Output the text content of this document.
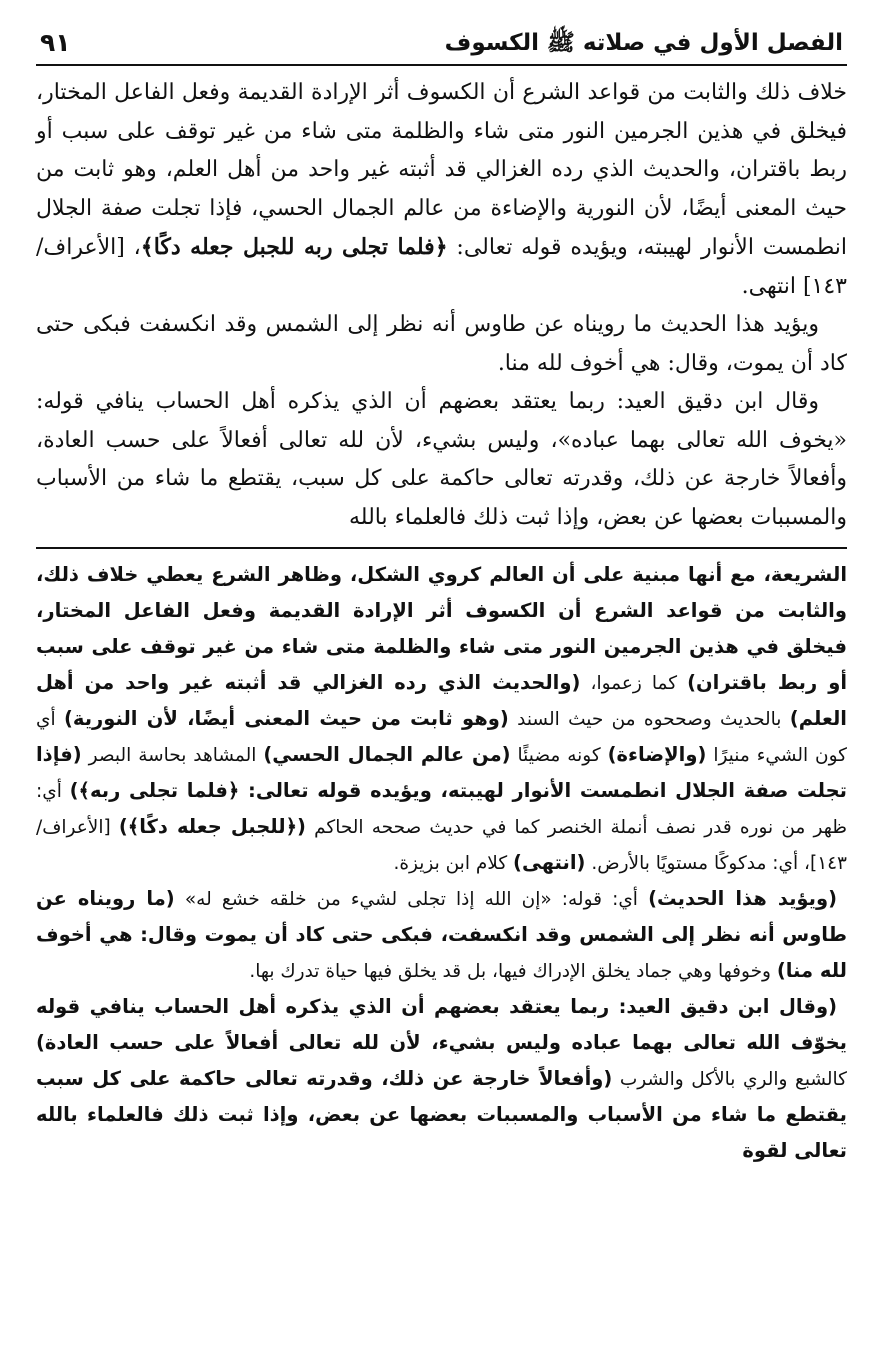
الفصل الأول في صلاته ﷺ الكسوف
٩١

خلاف ذلك والثابت من قواعد الشرع أن الكسوف أثر الإرادة القديمة وفعل الفاعل المختار، فيخلق في هذين الجرمين النور متى شاء والظلمة متى شاء من غير توقف على سبب أو ربط باقتران، والحديث الذي رده الغزالي قد أثبته غير واحد من أهل العلم، وهو ثابت من حيث المعنى أيضًا، لأن النورية والإضاءة من عالم الجمال الحسي، فإذا تجلت صفة الجلال انطمست الأنوار لهيبته، ويؤيده قوله تعالى: ﴿فلما تجلى ربه للجبل جعله دكًا﴾، [الأعراف/١٤٣] انتهى.

ويؤيد هذا الحديث ما رويناه عن طاوس أنه نظر إلى الشمس وقد انكسفت فبكى حتى كاد أن يموت، وقال: هي أخوف لله منا.

وقال ابن دقيق العيد: ربما يعتقد بعضهم أن الذي يذكره أهل الحساب ينافي قوله: «يخوف الله تعالى بهما عباده»، وليس بشيء، لأن لله تعالى أفعالاً على حسب العادة، وأفعالاً خارجة عن ذلك، وقدرته تعالى حاكمة على كل سبب، يقتطع ما شاء من الأسباب والمسببات بعضها عن بعض، وإذا ثبت ذلك فالعلماء بالله

الشريعة، مع أنها مبنية على أن العالم كروي الشكل، وظاهر الشرع يعطي خلاف ذلك، والثابت من قواعد الشرع أن الكسوف أثر الإرادة القديمة وفعل الفاعل المختار، فيخلق في هذين الجرمين النور متى شاء والظلمة متى شاء من غير توقف على سبب أو ربط باقتران) كما زعموا، (والحديث الذي رده الغزالي قد أثبته غير واحد من أهل العلم) بالحديث وصححوه من حيث السند (وهو ثابت من حيث المعنى أيضًا، لأن النورية) أي كون الشيء منيرًا (والإضاءة) كونه مضيئًا (من عالم الجمال الحسي) المشاهد بحاسة البصر (فإذا تجلت صفة الجلال انطمست الأنوار لهيبته، ويؤيده قوله تعالى: ﴿فلما تجلى ربه﴾) أي: ظهر من نوره قدر نصف أنملة الخنصر كما في حديث صححه الحاكم (﴿للجبل جعله دكًا﴾) [الأعراف/١٤٣]، أي: مدكوكًا مستويًا بالأرض. (انتهى) كلام ابن بزيزة.

(ويؤيد هذا الحديث) أي: قوله: «إن الله إذا تجلى لشيء من خلقه خشع له» (ما رويناه عن طاوس أنه نظر إلى الشمس وقد انكسفت، فبكى حتى كاد أن يموت وقال: هي أخوف لله منا) وخوفها وهي جماد يخلق الإدراك فيها، بل قد يخلق فيها حياة تدرك بها.

(وقال ابن دقيق العيد: ربما يعتقد بعضهم أن الذي يذكره أهل الحساب ينافي قوله يخوّف الله تعالى بهما عباده وليس بشيء، لأن لله تعالى أفعالاً على حسب العادة) كالشبع والري بالأكل والشرب (وأفعالاً خارجة عن ذلك، وقدرته تعالى حاكمة على كل سبب يقتطع ما شاء من الأسباب والمسببات بعضها عن بعض، وإذا ثبت ذلك فالعلماء بالله تعالى لقوة
